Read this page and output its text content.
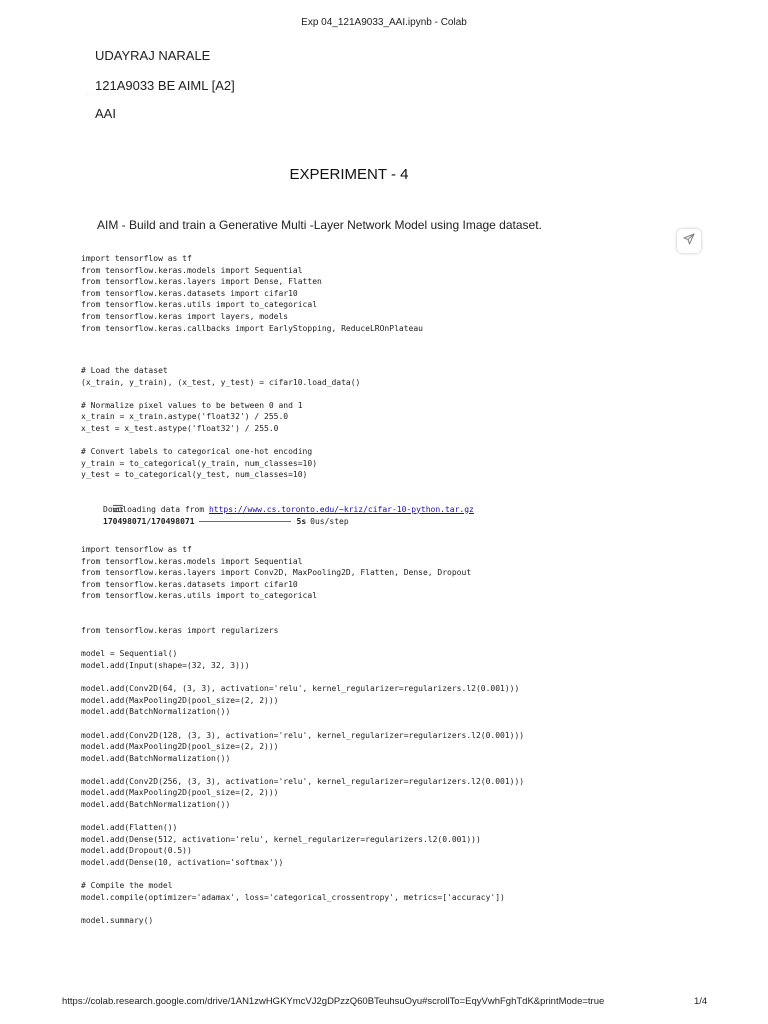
Exp 04_121A9033_AAI.ipynb - Colab
UDAYRAJ NARALE
· · ·
121A9033 BE AIML [A2]
AAI
EXPERIMENT - 4
AIM - Build and train a Generative Multi -Layer Network Model using Image dataset.
import tensorflow as tf
from tensorflow.keras.models import Sequential
from tensorflow.keras.layers import Dense, Flatten
from tensorflow.keras.datasets import cifar10
from tensorflow.keras.utils import to_categorical
from tensorflow.keras import layers, models
from tensorflow.keras.callbacks import EarlyStopping, ReduceLROnPlateau
# Load the dataset
(x_train, y_train), (x_test, y_test) = cifar10.load_data()
# Normalize pixel values to be between 0 and 1
x_train = x_train.astype('float32') / 255.0
x_test = x_test.astype('float32') / 255.0
# Convert labels to categorical one-hot encoding
y_train = to_categorical(y_train, num_classes=10)
y_test = to_categorical(y_test, num_classes=10)

Downloading data from https://www.cs.toronto.edu/~kriz/cifar-10-python.tar.gz
170498071/170498071	5s 0us/step
import tensorflow as tf
from tensorflow.keras.models import Sequential
from tensorflow.keras.layers import Conv2D, MaxPooling2D, Flatten, Dense, Dropout
from tensorflow.keras.datasets import cifar10
from tensorflow.keras.utils import to_categorical
from tensorflow.keras import regularizers
model = Sequential()
model.add(Input(shape=(32, 32, 3)))
model.add(Conv2D(64, (3, 3), activation='relu', kernel_regularizer=regularizers.l2(0.001)))
model.add(MaxPooling2D(pool_size=(2, 2)))
model.add(BatchNormalization())
model.add(Conv2D(128, (3, 3), activation='relu', kernel_regularizer=regularizers.l2(0.001)))
model.add(MaxPooling2D(pool_size=(2, 2)))
model.add(BatchNormalization())
model.add(Conv2D(256, (3, 3), activation='relu', kernel_regularizer=regularizers.l2(0.001)))
model.add(MaxPooling2D(pool_size=(2, 2)))
model.add(BatchNormalization())
model.add(Flatten())
model.add(Dense(512, activation='relu', kernel_regularizer=regularizers.l2(0.001)))
model.add(Dropout(0.5))
model.add(Dense(10, activation='softmax'))
# Compile the model
model.compile(optimizer='adamax', loss='categorical_crossentropy', metrics=['accuracy'])
model.summary()
https://colab.research.google.com/drive/1AN1zwHGKYmcVJ2gDPzzQ60BTeuhsuOyu#scrollTo=EqyVwhFghTdK&printMode=true	1/4
